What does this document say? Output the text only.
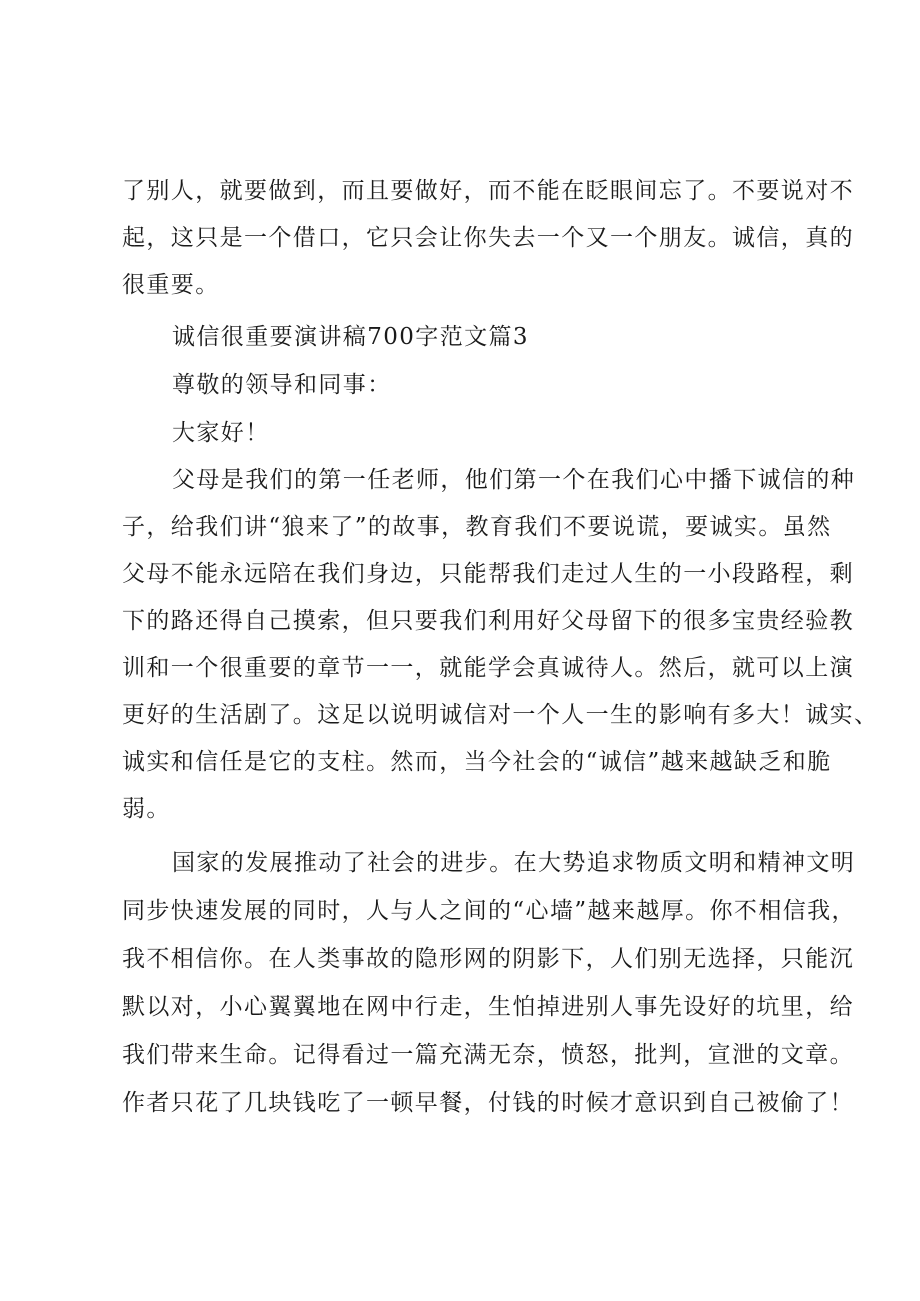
了别人，就要做到，而且要做好，而不能在眨眼间忘了。不要说对不
起，这只是一个借口，它只会让你失去一个又一个朋友。诚信，真的
很重要。
诚信很重要演讲稿700字范文篇3
尊敬的领导和同事：
大家好！
父母是我们的第一任老师，他们第一个在我们心中播下诚信的种
子，给我们讲“狼来了”的故事，教育我们不要说谎，要诚实。虽然
父母不能永远陪在我们身边，只能帮我们走过人生的一小段路程，剩
下的路还得自己摸索，但只要我们利用好父母留下的很多宝贵经验教
训和一个很重要的章节一一，就能学会真诚待人。然后，就可以上演
更好的生活剧了。这足以说明诚信对一个人一生的影响有多大！诚实、
诚实和信任是它的支柱。然而，当今社会的“诚信”越来越缺乏和脆
弱。
国家的发展推动了社会的进步。在大势追求物质文明和精神文明
同步快速发展的同时，人与人之间的“心墙”越来越厚。你不相信我，
我不相信你。在人类事故的隐形网的阴影下，人们别无选择，只能沉
默以对，小心翼翼地在网中行走，生怕掉进别人事先设好的坑里，给
我们带来生命。记得看过一篇充满无奈，愤怒，批判，宣泄的文章。
作者只花了几块钱吃了一顿早餐，付钱的时候才意识到自己被偷了！
